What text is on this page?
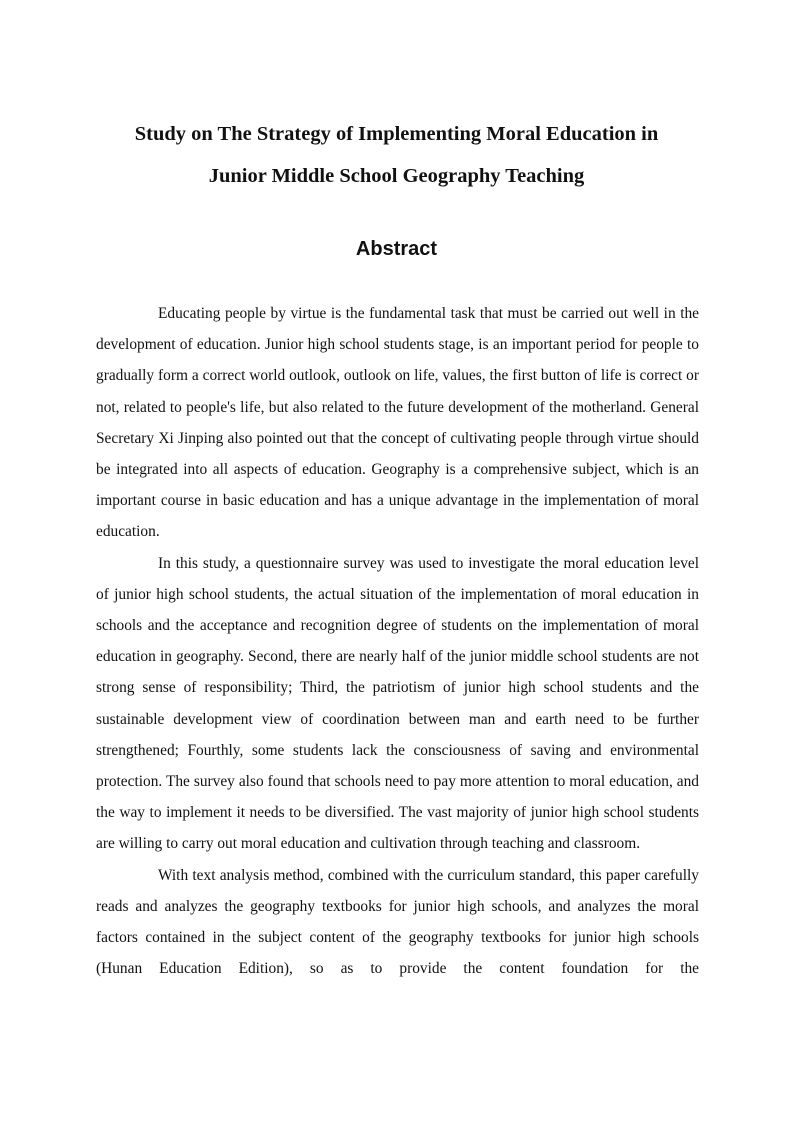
Study on The Strategy of Implementing Moral Education in
Junior Middle School Geography Teaching
Abstract

Educating people by virtue is the fundamental task that must be carried out well in the development of education. Junior high school students stage, is an important period for people to gradually form a correct world outlook, outlook on life, values, the first button of life is correct or not, related to people's life, but also related to the future development of the motherland. General Secretary Xi Jinping also pointed out that the concept of cultivating people through virtue should be integrated into all aspects of education. Geography is a comprehensive subject, which is an important course in basic education and has a unique advantage in the implementation of moral education.

In this study, a questionnaire survey was used to investigate the moral education level of junior high school students, the actual situation of the implementation of moral education in schools and the acceptance and recognition degree of students on the implementation of moral education in geography. Second, there are nearly half of the junior middle school students are not strong sense of responsibility; Third, the patriotism of junior high school students and the sustainable development view of coordination between man and earth need to be further strengthened; Fourthly, some students lack the consciousness of saving and environmental protection. The survey also found that schools need to pay more attention to moral education, and the way to implement it needs to be diversified. The vast majority of junior high school students are willing to carry out moral education and cultivation through teaching and classroom.

With text analysis method, combined with the curriculum standard, this paper carefully reads and analyzes the geography textbooks for junior high schools, and analyzes the moral factors contained in the subject content of the geography textbooks for junior high schools (Hunan Education Edition), so as to provide the content foundation for the
